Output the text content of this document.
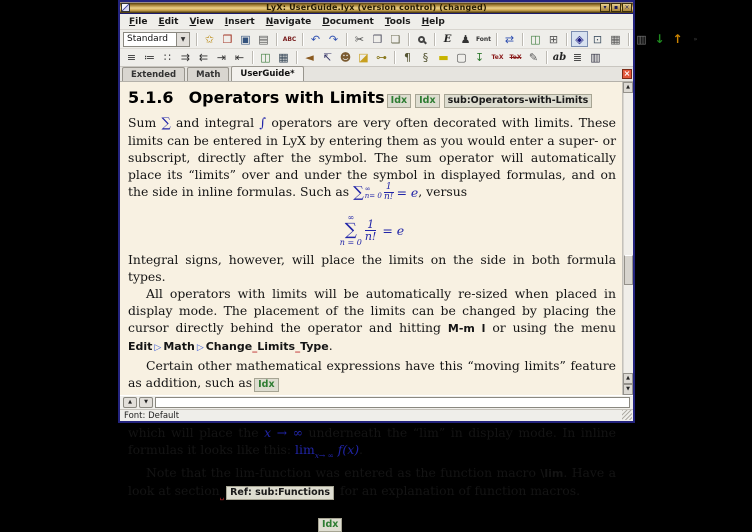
LyX: UserGuide.lyx (version control) (changed)	▾	▪	×
File	Edit	View	Insert	Navigate	Document	Tools	Help
Standard	▼	✩ ❒ ▣ ▤ ABC ↶ ↷ ✂ ❐ ❏	E ♟ Font ⇄ ◫ ⊞ ◈ ⊡ ▦ ▥ ↓ ↑ »
≡ ≔ ∷ ⇉ ⇇ ⇥ ⇤ ◫ ▦ ◄ ↸ ☻ ◪ ⊶ ¶ § ▬ ▢ ↧ TeX TeX ✎ ab ≣ ▥
Extended	Math	UserGuide*	×
5.1.6 Operators with Limits Idx Idx sub:Operators-with-Limits
Sum ∑ and integral ∫ operators are very often decorated with limits. These limits can be entered in LyX by entering them as you would enter a super- or subscript, directly after the symbol. The sum operator will automatically place its “limits” over and under the symbol in displayed formulas, and on the side in inline formulas. Such as ∑ ∞
$n= 0 \frac{1}{n!} = e$ , versus
∞
∑
n = 0
$\frac{1}{n!} = e$
Integral signs, however, will place the limits on the side in both formula types.
All operators with limits will be automatically re-sized when placed in display mode. The placement of the limits can be changed by placing the cursor directly behind the operator and hitting M-m l or using the menu Edit ▷ Math ▷ Change_Limits_Type.
Certain other mathematical expressions have this “moving limits” feature as addition, such as Idx
which will place the x → ∞ underneath the “lim” in display mode. In inline formulas it looks like this: $\lim_{x\to \infty} f(x)$.
Note that the lim-function was entered as the function macro \lim. Have a look at section$_␣$ Ref: sub:Functions for an explanation of function macros.
5.1.7 Math Symbols Idx
▲
▲
▼
▲	▼
Font: Default
